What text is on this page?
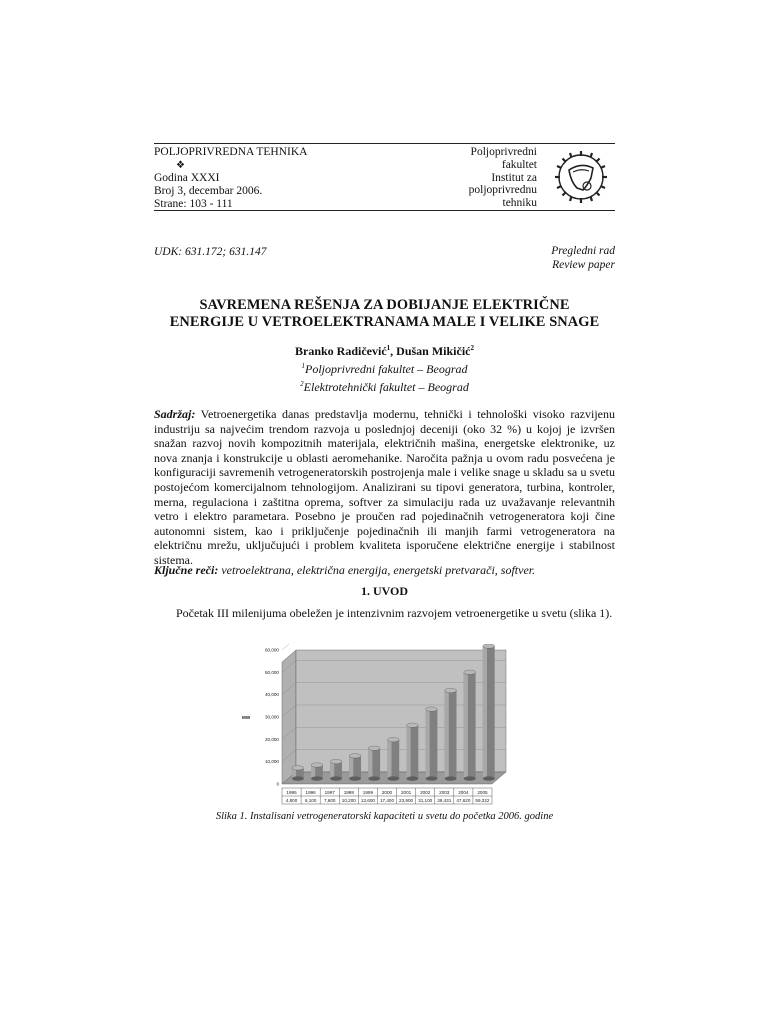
POLJOPRIVREDNA TEHNIKA
❖
Godina XXXI
Broj 3, decembar 2006.
Strane: 103 - 111
Poljoprivredni
fakultet
Institut za
poljoprivrednu
tehniku
UDK: 631.172; 631.147	Pregledni rad
Review paper
SAVREMENA REŠENJA ZA DOBIJANJE ELEKTRIČNE
ENERGIJE U VETROELEKTRANAMA MALE I VELIKE SNAGE
Branko Radičević$^1$, Dušan Mikičić$^2$
$^1$Poljoprivredni fakultet – Beograd
$^2$Elektrotehnički fakultet – Beograd
Sadržaj: Vetroenergetika danas predstavlja modernu, tehnički i tehnološki visoko razvijenu industriju sa najvećim trendom razvoja u poslednjoj deceniji (oko 32 %) u kojoj je izvršen snažan razvoj novih kompozitnih materijala, električnih mašina, energetske elektronike, uz nova znanja i konstrukcije u oblasti aeromehanike. Naročita pažnja u ovom radu posvećena je konfiguraciji savremenih vetrogeneratorskih postrojenja male i velike snage u skladu sa u svetu postojećom komercijalnom tehnologijom. Analizirani su tipovi generatora, turbina, kontroler, merna, regulaciona i zaštitna oprema, softver za simulaciju rada uz uvažavanje relevantnih vetro i elektro parametara. Posebno je proučen rad pojedinačnih vetrogeneratora koji čine autonomni sistem, kao i priključenje pojedinačnih ili manjih farmi vetrogeneratora na električnu mrežu, uključujući i problem kvaliteta isporučene električne energije i stabilnost sistema.
Ključne reči: vetroelektrana, električna energija, energetski pretvarači, softver.
1. UVOD
Početak III milenijuma obeležen je intenzivnim razvojem vetroenergetike u svetu (slika 1).
0
10,000
20,000
30,000
40,000
50,000
60,000
MW
1995
4,800
1996
6,100
1997
7,600
1998
10,200
1999
13,600
2000
17,400
2001
23,900
2002
31,100
2003
39,431
2004
47,620
2005
59,322
Slika 1. Instalisani vetrogeneratorski kapaciteti u svetu do početka 2006. godine
